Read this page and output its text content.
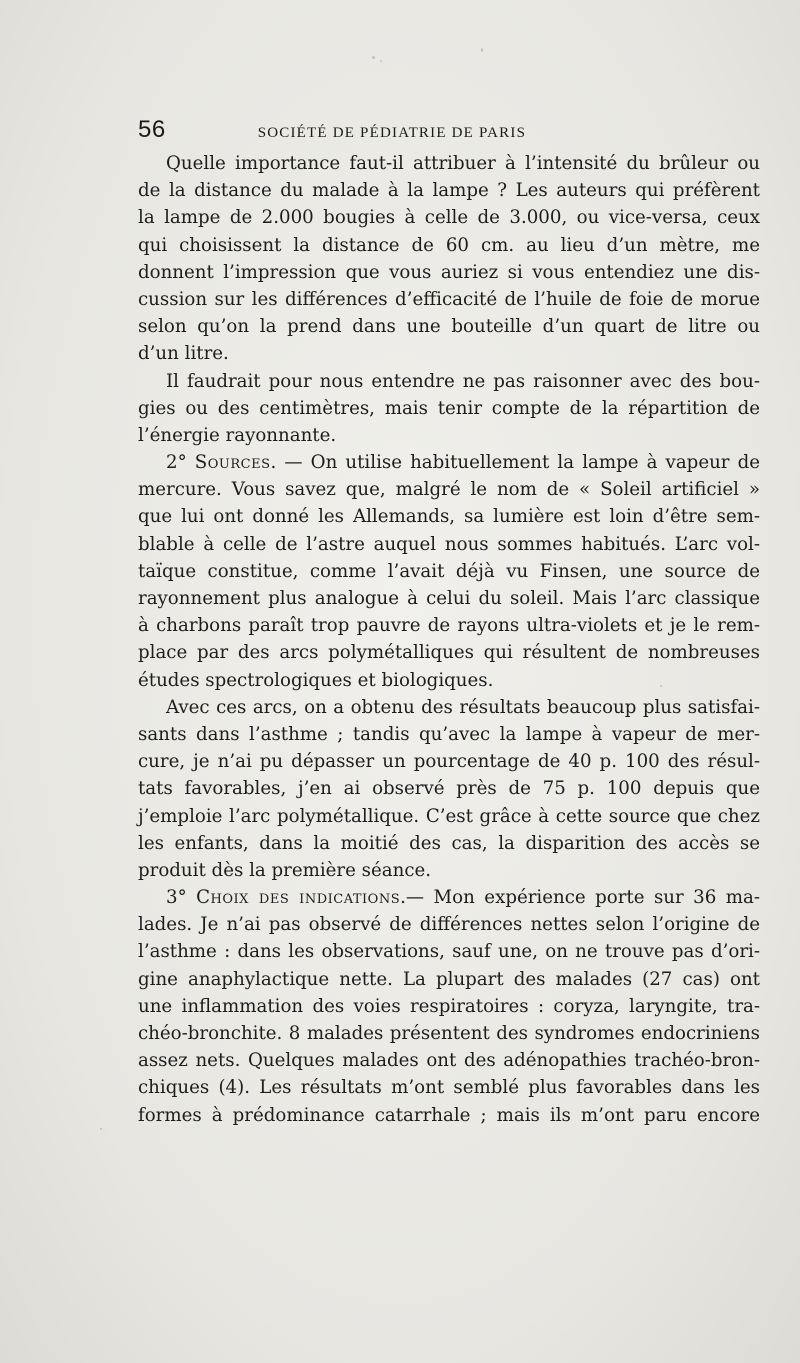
56	SOCIÉTÉ DE PÉDIATRIE DE PARIS
Quelle importance faut-il attribuer à l’intensité du brûleur ou
de la distance du malade à la lampe ? Les auteurs qui préfèrent
la lampe de 2.000 bougies à celle de 3.000, ou vice-versa, ceux
qui choisissent la distance de 60 cm. au lieu d’un mètre, me
donnent l’impression que vous auriez si vous entendiez une dis-
cussion sur les différences d’efficacité de l’huile de foie de morue
selon qu’on la prend dans une bouteille d’un quart de litre ou
d’un litre.
Il faudrait pour nous entendre ne pas raisonner avec des bou-
gies ou des centimètres, mais tenir compte de la répartition de
l’énergie rayonnante.
2° Sources. — On utilise habituellement la lampe à vapeur de
mercure. Vous savez que, malgré le nom de « Soleil artificiel »
que lui ont donné les Allemands, sa lumière est loin d’être sem-
blable à celle de l’astre auquel nous sommes habitués. L’arc vol-
taïque constitue, comme l’avait déjà vu Finsen, une source de
rayonnement plus analogue à celui du soleil. Mais l’arc classique
à charbons paraît trop pauvre de rayons ultra-violets et je le rem-
place par des arcs polymétalliques qui résultent de nombreuses
études spectrologiques et biologiques.
Avec ces arcs, on a obtenu des résultats beaucoup plus satisfai-
sants dans l’asthme ; tandis qu’avec la lampe à vapeur de mer-
cure, je n’ai pu dépasser un pourcentage de 40 p. 100 des résul-
tats favorables, j’en ai observé près de 75 p. 100 depuis que
j’emploie l’arc polymétallique. C’est grâce à cette source que chez
les enfants, dans la moitié des cas, la disparition des accès se
produit dès la première séance.
3° Choix des indications.— Mon expérience porte sur 36 ma-
lades. Je n’ai pas observé de différences nettes selon l’origine de
l’asthme : dans les observations, sauf une, on ne trouve pas d’ori-
gine anaphylactique nette. La plupart des malades (27 cas) ont
une inflammation des voies respiratoires : coryza, laryngite, tra-
chéo-bronchite. 8 malades présentent des syndromes endocriniens
assez nets. Quelques malades ont des adénopathies trachéo-bron-
chiques (4). Les résultats m’ont semblé plus favorables dans les
formes à prédominance catarrhale ; mais ils m’ont paru encore
